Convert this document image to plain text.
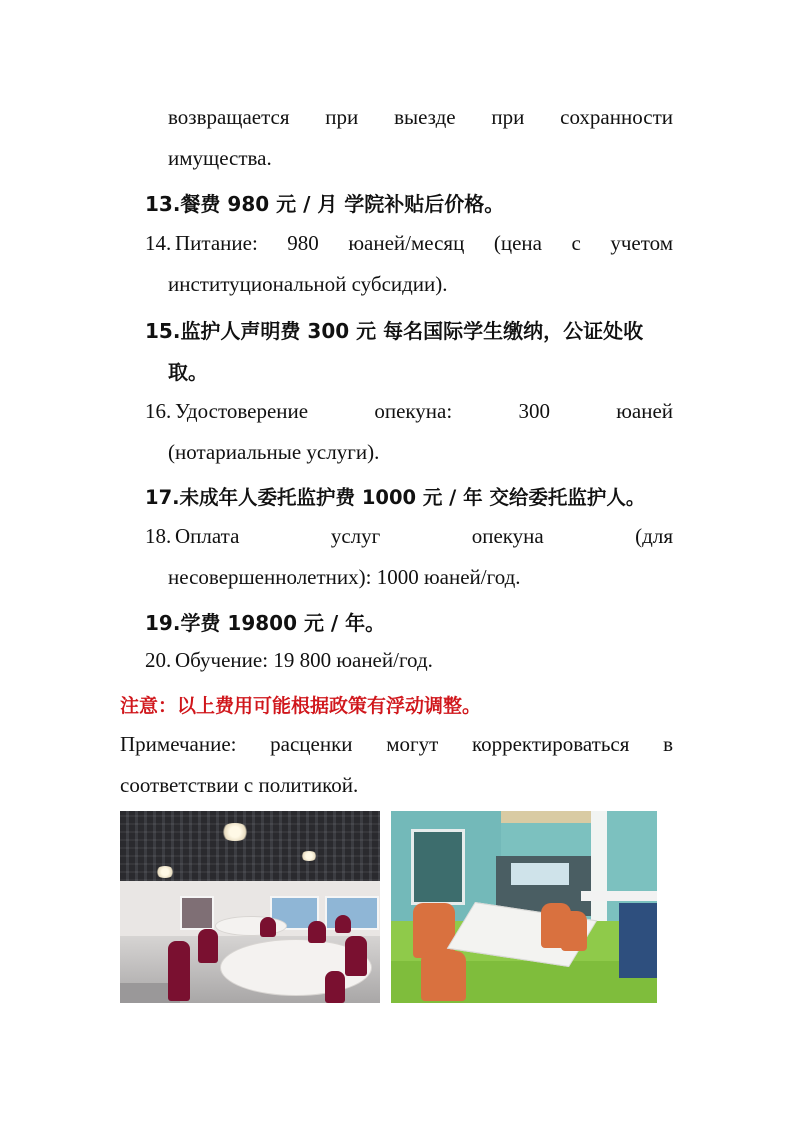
возвращается при выезде при сохранности
имущества.
13.餐费 980 元 / 月 学院补贴后价格。
14. Питание: 980 юаней/месяц (цена с учетом
институциональной субсидии).
15.监护人声明费 300 元 每名国际学生缴纳，公证处收
取。
16. Удостоверение опекуна: 300 юаней
(нотариальные услуги).
17.未成年人委托监护费 1000 元 / 年 交给委托监护人。
18. Оплата услуг опекуна (для
несовершеннолетних): 1000 юаней/год.
19.学费 19800 元 / 年。
20. Обучение: 19 800 юаней/год.
注意：以上费用可能根据政策有浮动调整。
Примечание: расценки могут корректироваться в
соответствии с политикой.
